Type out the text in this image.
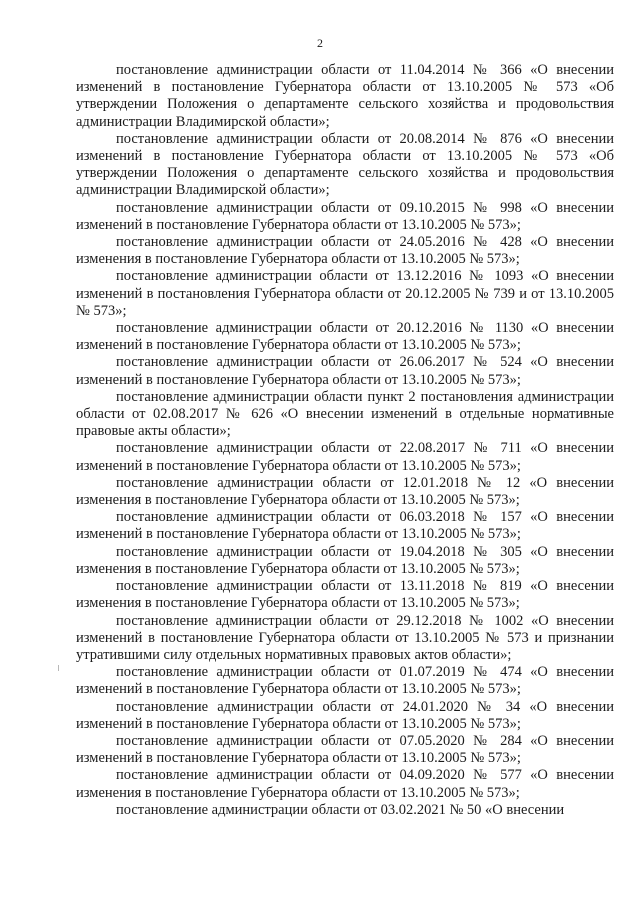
2

постановление администрации области от 11.04.2014 № 366 «О внесении изменений в постановление Губернатора области от 13.10.2005 № 573 «Об утверждении Положения о департаменте сельского хозяйства и продовольствия администрации Владимирской области»;

постановление администрации области от 20.08.2014 № 876 «О внесении изменений в постановление Губернатора области от 13.10.2005 № 573 «Об утверждении Положения о департаменте сельского хозяйства и продовольствия администрации Владимирской области»;

постановление администрации области от 09.10.2015 № 998 «О внесении изменений в постановление Губернатора области от 13.10.2005 № 573»;

постановление администрации области от 24.05.2016 № 428 «О внесении изменения в постановление Губернатора области от 13.10.2005 № 573»;

постановление администрации области от 13.12.2016 № 1093 «О внесении изменений в постановления Губернатора области от 20.12.2005 № 739 и от 13.10.2005 № 573»;

постановление администрации области от 20.12.2016 № 1130 «О внесении изменений в постановление Губернатора области от 13.10.2005 № 573»;

постановление администрации области от 26.06.2017 № 524 «О внесении изменений в постановление Губернатора области от 13.10.2005 № 573»;

постановление администрации области пункт 2 постановления администрации области от 02.08.2017 № 626 «О внесении изменений в отдельные нормативные правовые акты области»;

постановление администрации области от 22.08.2017 № 711 «О внесении изменений в постановление Губернатора области от 13.10.2005 № 573»;

постановление администрации области от 12.01.2018 № 12 «О внесении изменения в постановление Губернатора области от 13.10.2005 № 573»;

постановление администрации области от 06.03.2018 № 157 «О внесении изменений в постановление Губернатора области от 13.10.2005 № 573»;

постановление администрации области от 19.04.2018 № 305 «О внесении изменения в постановление Губернатора области от 13.10.2005 № 573»;

постановление администрации области от 13.11.2018 № 819 «О внесении изменения в постановление Губернатора области от 13.10.2005 № 573»;

постановление администрации области от 29.12.2018 № 1002 «О внесении изменений в постановление Губернатора области от 13.10.2005 № 573 и признании утратившими силу отдельных нормативных правовых актов области»;

постановление администрации области от 01.07.2019 № 474 «О внесении изменений в постановление Губернатора области от 13.10.2005 № 573»;

постановление администрации области от 24.01.2020 № 34 «О внесении изменений в постановление Губернатора области от 13.10.2005 № 573»;

постановление администрации области от 07.05.2020 № 284 «О внесении изменений в постановление Губернатора области от 13.10.2005 № 573»;

постановление администрации области от 04.09.2020 № 577 «О внесении изменения в постановление Губернатора области от 13.10.2005 № 573»;

постановление администрации области от 03.02.2021 № 50 «О внесении
